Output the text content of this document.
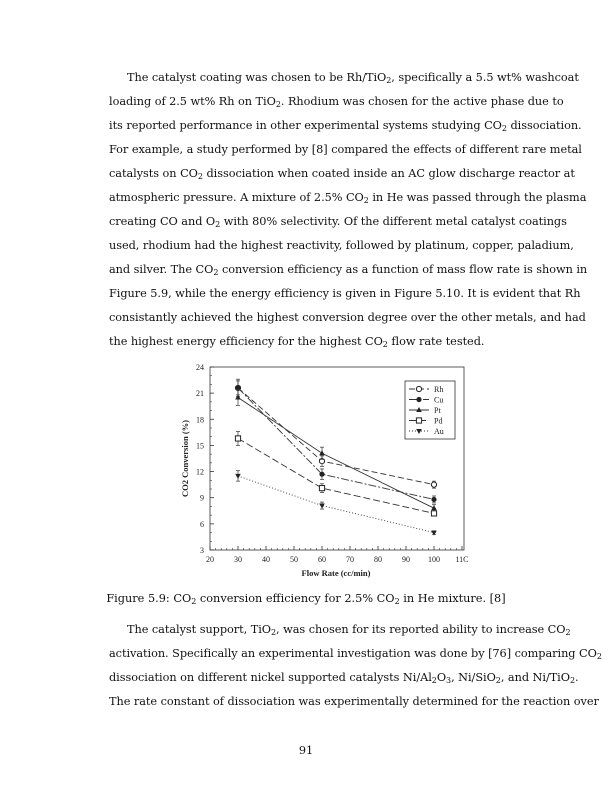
The catalyst coating was chosen to be Rh/TiO$_2$, specifically a 5.5 wt% washcoat
loading of 2.5 wt% Rh on TiO$_2$. Rhodium was chosen for the active phase due to
its reported performance in other experimental systems studying $CO_2$ dissociation.
For example, a study performed by [8] compared the effects of different rare metal
catalysts on $CO_2$ dissociation when coated inside an AC glow discharge reactor at
atmospheric pressure. A mixture of 2.5% $CO_2$ in He was passed through the plasma
creating CO and $O_2$ with 80% selectivity. Of the different metal catalyst coatings
used, rhodium had the highest reactivity, followed by platinum, copper, paladium,
and silver. The $CO_2$ conversion efficiency as a function of mass flow rate is shown in
Figure 5.9, while the energy efficiency is given in Figure 5.10. It is evident that Rh
consistantly achieved the highest conversion degree over the other metals, and had
the highest energy efficiency for the highest $CO_2$ flow rate tested.
3
6
9
12
15
18
21
24
20	30	40	50	60	70	80	90 100 11C
Flow Rate (cc/min)
CO2 Conversion (%)
Rh
Cu
Pt
Pd
Au
Figure 5.9: $CO_2$ conversion efficiency for 2.5% $CO_2$ in He mixture. [8]
The catalyst support, TiO$_2$, was chosen for its reported ability to increase $CO_2$
activation. Specifically an experimental investigation was done by [76] comparing $CO_2$
dissociation on different nickel supported catalysts $Ni/Al_2O_3$, Ni/SiO$_2$, and Ni/TiO$_2$.
The rate constant of dissociation was experimentally determined for the reaction over
91
